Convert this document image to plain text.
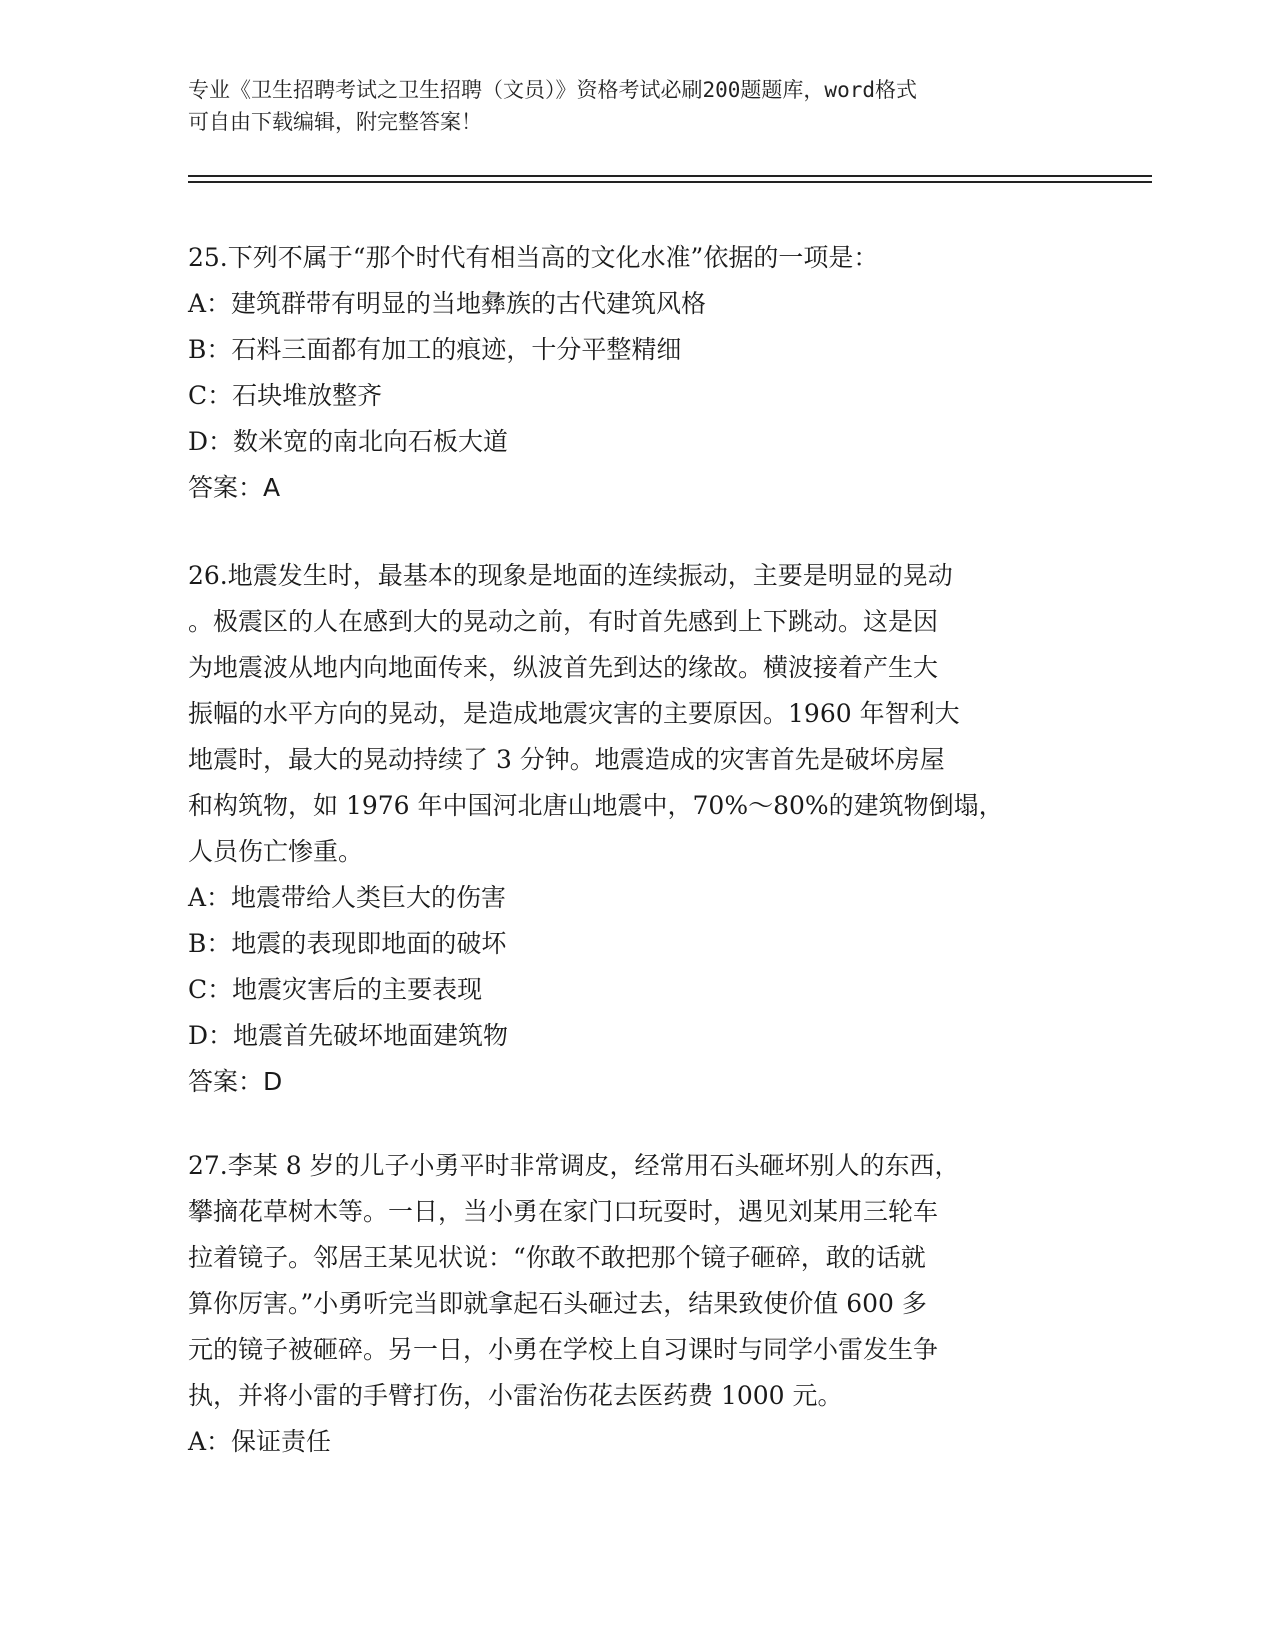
专业《卫生招聘考试之卫生招聘（文员）》资格考试必刷200题题库，word格式
可自由下载编辑，附完整答案！
25.下列不属于“那个时代有相当高的文化水准”依据的一项是：
A：建筑群带有明显的当地彝族的古代建筑风格
B：石料三面都有加工的痕迹，十分平整精细
C：石块堆放整齐
D：数米宽的南北向石板大道
答案：A
26.地震发生时，最基本的现象是地面的连续振动，主要是明显的晃动
。极震区的人在感到大的晃动之前，有时首先感到上下跳动。这是因
为地震波从地内向地面传来，纵波首先到达的缘故。横波接着产生大
振幅的水平方向的晃动，是造成地震灾害的主要原因。1960 年智利大
地震时，最大的晃动持续了 3 分钟。地震造成的灾害首先是破坏房屋
和构筑物，如 1976 年中国河北唐山地震中，70%～80%的建筑物倒塌，
人员伤亡惨重。
A：地震带给人类巨大的伤害
B：地震的表现即地面的破坏
C：地震灾害后的主要表现
D：地震首先破坏地面建筑物
答案：D
27.李某 8 岁的儿子小勇平时非常调皮，经常用石头砸坏别人的东西，
攀摘花草树木等。一日，当小勇在家门口玩耍时，遇见刘某用三轮车
拉着镜子。邻居王某见状说：“你敢不敢把那个镜子砸碎，敢的话就
算你厉害。”小勇听完当即就拿起石头砸过去，结果致使价值 600 多
元的镜子被砸碎。另一日，小勇在学校上自习课时与同学小雷发生争
执，并将小雷的手臂打伤，小雷治伤花去医药费 1000 元。
A：保证责任
